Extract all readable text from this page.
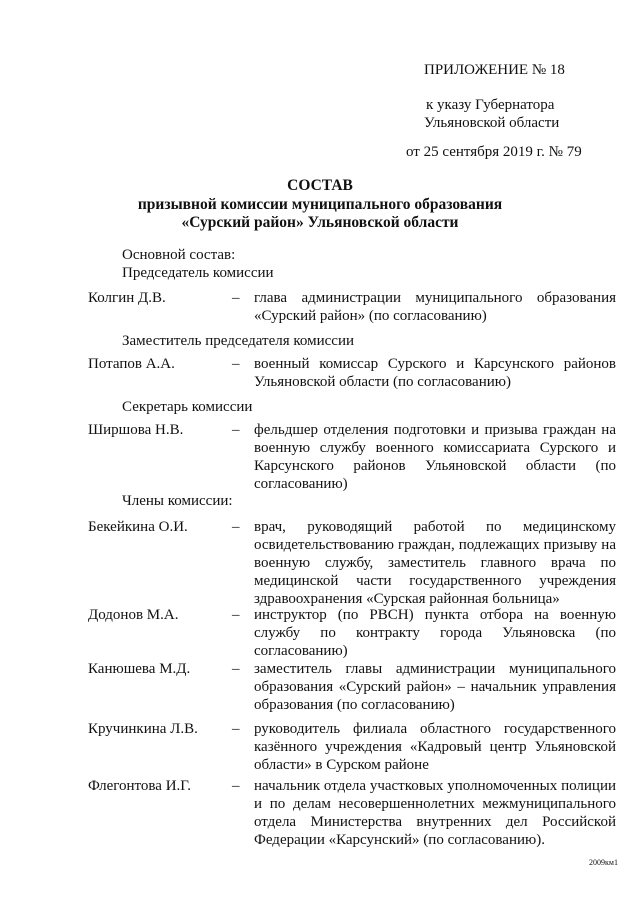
ПРИЛОЖЕНИЕ № 18
к указу Губернатора
Ульяновской области
от 25 сентября 2019 г. № 79
СОСТАВ
призывной комиссии муниципального образования
«Сурский район» Ульяновской области
Основной состав:
Председатель комиссии
Колгин Д.В.	– глава администрации муниципального образования «Сурский район» (по согласованию)
Заместитель председателя комиссии
Потапов А.А.	– военный комиссар Сурского и Карсунского районов Ульяновской области (по согласованию)
Секретарь комиссии
Ширшова Н.В.	– фельдшер отделения подготовки и призыва граждан на военную службу военного комиссариата Сурского и Карсунского районов Ульяновской области (по согласованию)
Члены комиссии:
Бекейкина О.И.	– врач, руководящий работой по медицинскому освидетельствованию граждан, подлежащих призыву на военную службу, заместитель главного врача по медицинской части государственного учреждения здравоохранения «Сурская районная больница»
Додонов М.А.	– инструктор (по РВСН) пункта отбора на военную службу по контракту города Ульяновска (по согласованию)
Канюшева М.Д.	– заместитель главы администрации муниципального образования «Сурский район» – начальник управления образования (по согласованию)
Кручинкина Л.В. – руководитель филиала областного государственного казённого учреждения «Кадровый центр Ульяновской области» в Сурском районе
Флегонтова И.Г.	– начальник отдела участковых уполномоченных полиции и по делам несовершеннолетних межмуниципального отдела Министерства внутренних дел Российской Федерации «Карсунский» (по согласованию).
2009км1
